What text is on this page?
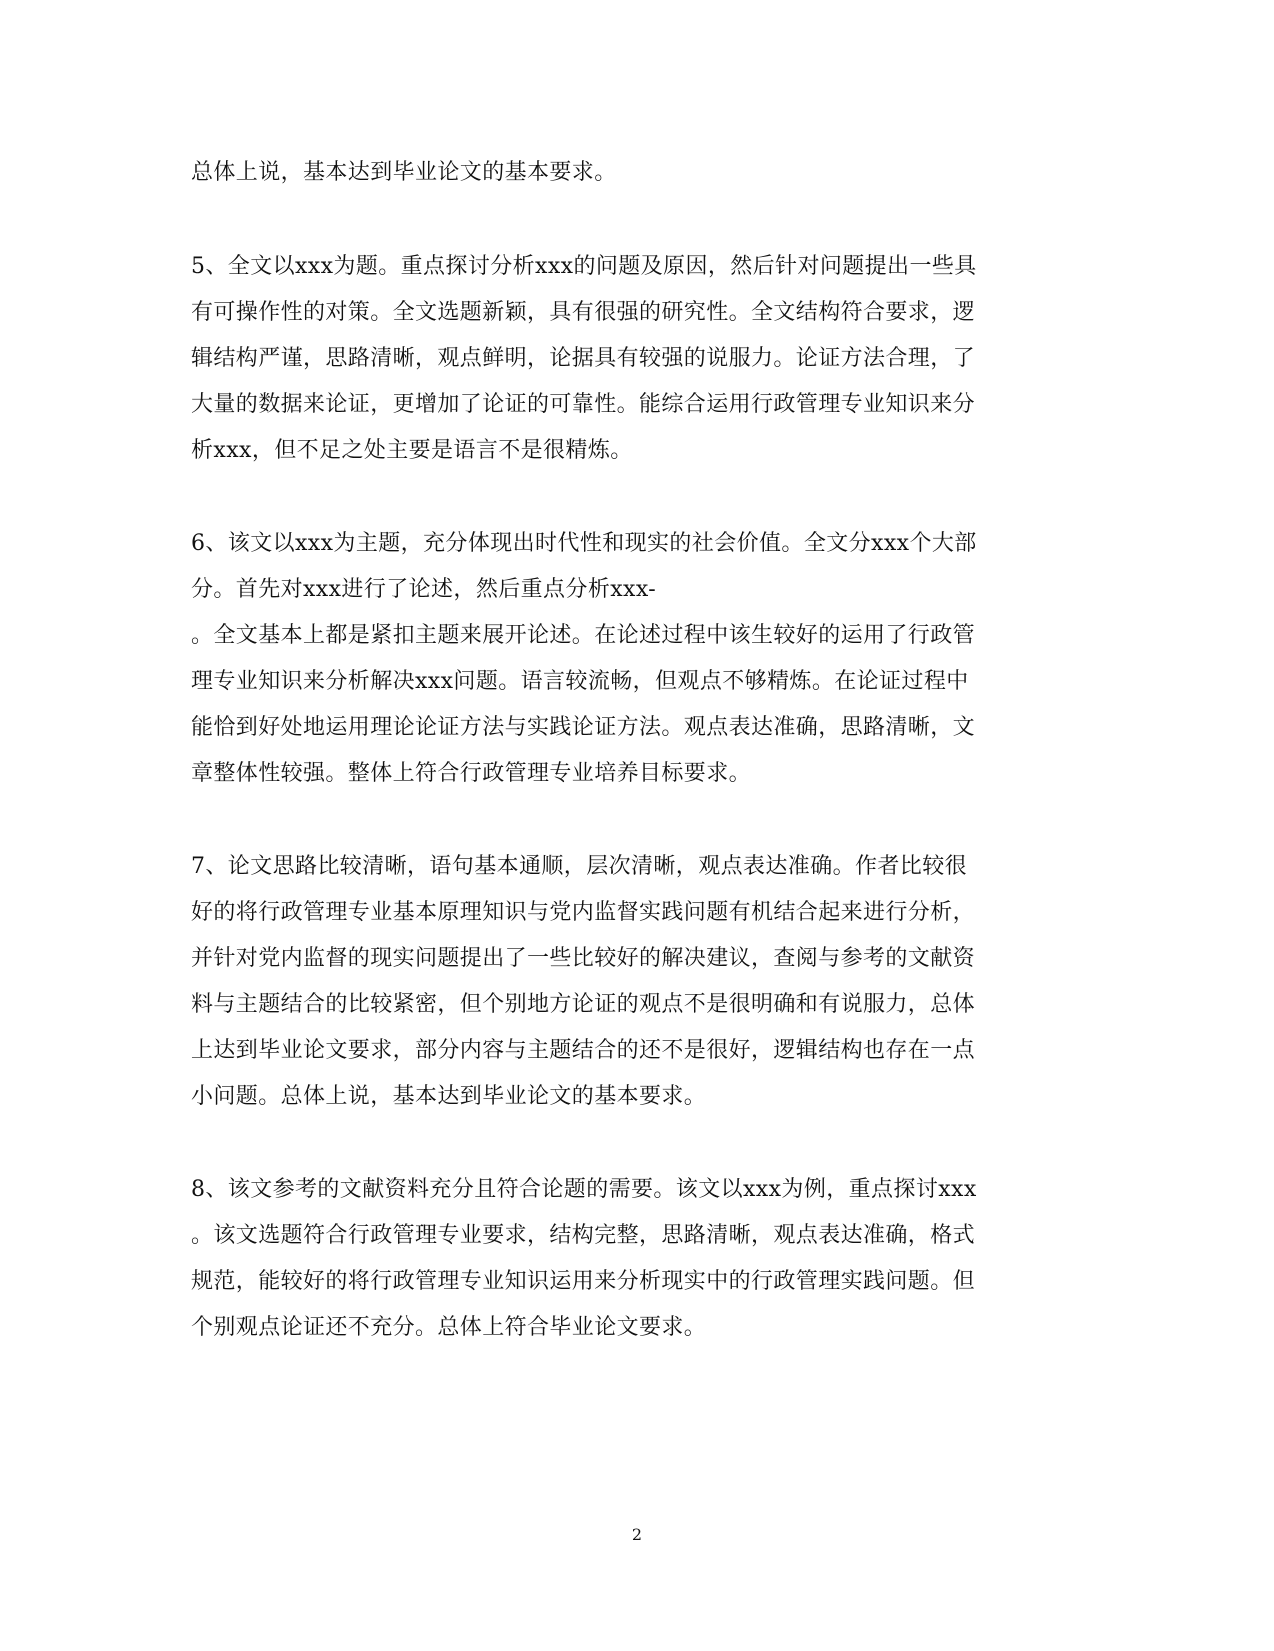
总体上说，基本达到毕业论文的基本要求。
5、全文以xxx为题。重点探讨分析xxx的问题及原因，然后针对问题提出一些具
有可操作性的对策。全文选题新颖，具有很强的研究性。全文结构符合要求，逻
辑结构严谨，思路清晰，观点鲜明，论据具有较强的说服力。论证方法合理，了
大量的数据来论证，更增加了论证的可靠性。能综合运用行政管理专业知识来分
析xxx，但不足之处主要是语言不是很精炼。
6、该文以xxx为主题，充分体现出时代性和现实的社会价值。全文分xxx个大部
分。首先对xxx进行了论述，然后重点分析xxx-
。全文基本上都是紧扣主题来展开论述。在论述过程中该生较好的运用了行政管
理专业知识来分析解决xxx问题。语言较流畅，但观点不够精炼。在论证过程中
能恰到好处地运用理论论证方法与实践论证方法。观点表达准确，思路清晰，文
章整体性较强。整体上符合行政管理专业培养目标要求。
7、论文思路比较清晰，语句基本通顺，层次清晰，观点表达准确。作者比较很
好的将行政管理专业基本原理知识与党内监督实践问题有机结合起来进行分析，
并针对党内监督的现实问题提出了一些比较好的解决建议，查阅与参考的文献资
料与主题结合的比较紧密，但个别地方论证的观点不是很明确和有说服力，总体
上达到毕业论文要求，部分内容与主题结合的还不是很好，逻辑结构也存在一点
小问题。总体上说，基本达到毕业论文的基本要求。
8、该文参考的文献资料充分且符合论题的需要。该文以xxx为例，重点探讨xxx
。该文选题符合行政管理专业要求，结构完整，思路清晰，观点表达准确，格式
规范，能较好的将行政管理专业知识运用来分析现实中的行政管理实践问题。但
个别观点论证还不充分。总体上符合毕业论文要求。
2
